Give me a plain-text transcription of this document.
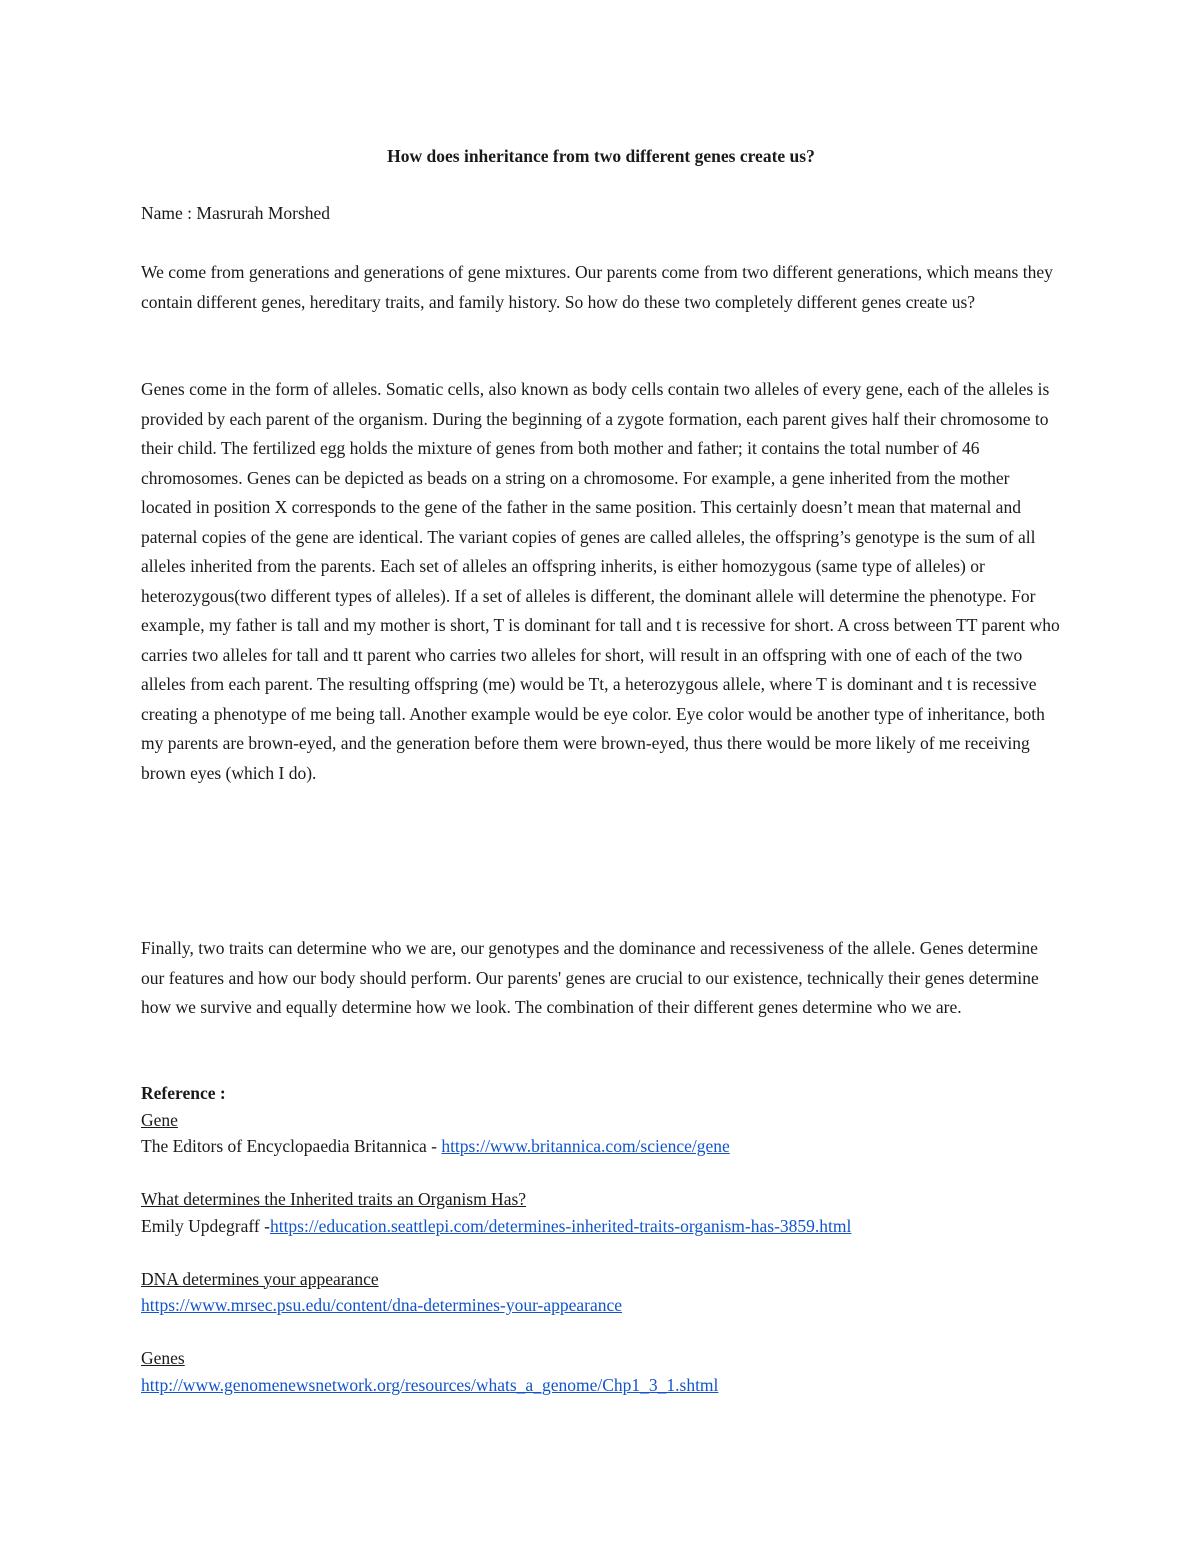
How does inheritance from two different genes create us?
Name : Masrurah Morshed

We come from generations and generations of gene mixtures. Our parents come from two different generations, which means they contain different genes, hereditary traits, and family history. So how do these two completely different genes create us?

Genes come in the form of alleles. Somatic cells, also known as body cells contain two alleles of every gene, each of the alleles is provided by each parent of the organism. During the beginning of a zygote formation, each parent gives half their chromosome to their child. The fertilized egg holds the mixture of genes from both mother and father; it contains the total number of 46 chromosomes. Genes can be depicted as beads on a string on a chromosome. For example, a gene inherited from the mother located in position X corresponds to the gene of the father in the same position. This certainly doesn’t mean that maternal and paternal copies of the gene are identical. The variant copies of genes are called alleles, the offspring’s genotype is the sum of all alleles inherited from the parents. Each set of alleles an offspring inherits, is either homozygous (same type of alleles) or heterozygous(two different types of alleles). If a set of alleles is different, the dominant allele will determine the phenotype. For example, my father is tall and my mother is short, T is dominant for tall and t is recessive for short. A cross between TT parent who carries two alleles for tall and tt parent who carries two alleles for short, will result in an offspring with one of each of the two alleles from each parent. The resulting offspring (me) would be Tt, a heterozygous allele, where T is dominant and t is recessive creating a phenotype of me being tall. Another example would be eye color. Eye color would be another type of inheritance, both my parents are brown-eyed, and the generation before them were brown-eyed, thus there would be more likely of me receiving brown eyes (which I do).

Finally, two traits can determine who we are, our genotypes and the dominance and recessiveness of the allele. Genes determine our features and how our body should perform. Our parents' genes are crucial to our existence, technically their genes determine how we survive and equally determine how we look. The combination of their different genes determine who we are.

Reference :
Gene
The Editors of Encyclopaedia Britannica - https://www.britannica.com/science/gene
What determines the Inherited traits an Organism Has?
Emily Updegraff -https://education.seattlepi.com/determines-inherited-traits-organism-has-3859.html
DNA determines your appearance
https://www.mrsec.psu.edu/content/dna-determines-your-appearance
Genes
http://www.genomenewsnetwork.org/resources/whats_a_genome/Chp1_3_1.shtml
